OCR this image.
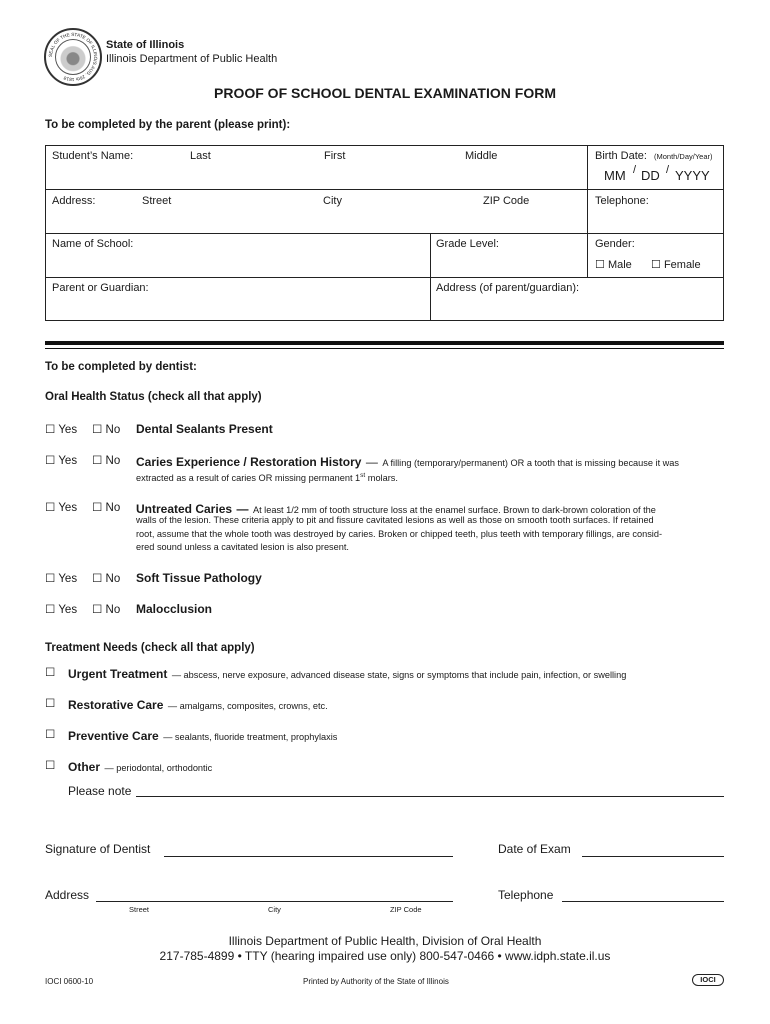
SEAL OF THE STATE OF ILLINOIS AUG. 26th 1818
State of Illinois
Illinois Department of Public Health
PROOF OF SCHOOL DENTAL EXAMINATION FORM
To be completed by the parent (please print):
Student’s Name:	Last	First	Middle	Birth Date: (Month/Day/Year)
MM / DD / YYYY
Address:	Street	City	ZIP Code	Telephone:
Name of School:	Grade Level:	Gender:
☐ Male ☐ Female
Parent or Guardian:	Address (of parent/guardian):
To be completed by dentist:
Oral Health Status (check all that apply)
☐ Yes ☐ No Dental Sealants Present
☐ Yes ☐ No Caries Experience / Restoration History — A filling (temporary/permanent) OR a tooth that is missing because it was
extracted as a result of caries OR missing permanent 1st molars.
☐ Yes ☐ No Untreated Caries — At least 1/2 mm of tooth structure loss at the enamel surface. Brown to dark-brown coloration of the
walls of the lesion. These criteria apply to pit and fissure cavitated lesions as well as those on smooth tooth surfaces. If retained
root, assume that the whole tooth was destroyed by caries. Broken or chipped teeth, plus teeth with temporary fillings, are consid-
ered sound unless a cavitated lesion is also present.
☐ Yes ☐ No Soft Tissue Pathology
☐ Yes ☐ No Malocclusion
Treatment Needs (check all that apply)
☐ Urgent Treatment — abscess, nerve exposure, advanced disease state, signs or symptoms that include pain, infection, or swelling
☐ Restorative Care — amalgams, composites, crowns, etc.
☐ Preventive Care — sealants, fluoride treatment, prophylaxis
☐ Other — periodontal, orthodontic
Please note
Signature of Dentist	Date of Exam
Address	Telephone
Street	City	ZIP Code
Illinois Department of Public Health, Division of Oral Health
217-785-4899 • TTY (hearing impaired use only) 800-547-0466 • www.idph.state.il.us
IOCI 0600-10	Printed by Authority of the State of Illinois	IOCI
